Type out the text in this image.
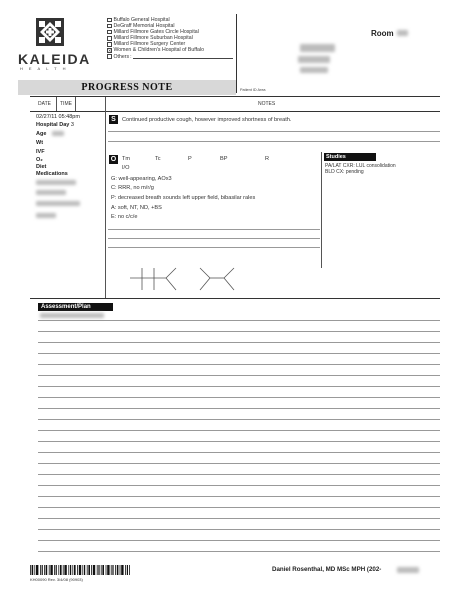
KALEIDA
HEALTH
Buffalo General Hospital
DeGraff Memorial Hospital
Millard Fillmore Gates Circle Hospital
Millard Fillmore Suburban Hospital
Millard Fillmore Surgery Center
✕ Women & Children's Hospital of Buffalo
Others :
Room
PROGRESS NOTE	Patient ID Area
DATE TIME	NOTES
02/27/11 05:48pm
Hospital Day 3
Age
Wt
IVF
O₂
Diet
Medications
S	Continued productive cough, however improved shortness of breath.
O	Tm	Tc	P	BP	R
I/O
G: well-appearing, AOx3
C: RRR, no m/r/g
P: decreased breath sounds left upper field, bibasilar rales
A: soft, NT, ND, +BS
E: no c/c/e
Studies
PA/LAT CXR: LUL consolidation
BLD CX: pending
Assessment/Plan
KH00090 Rev. 3/4/08 (90903)
Daniel Rosenthal, MD MSc MPH (202-
